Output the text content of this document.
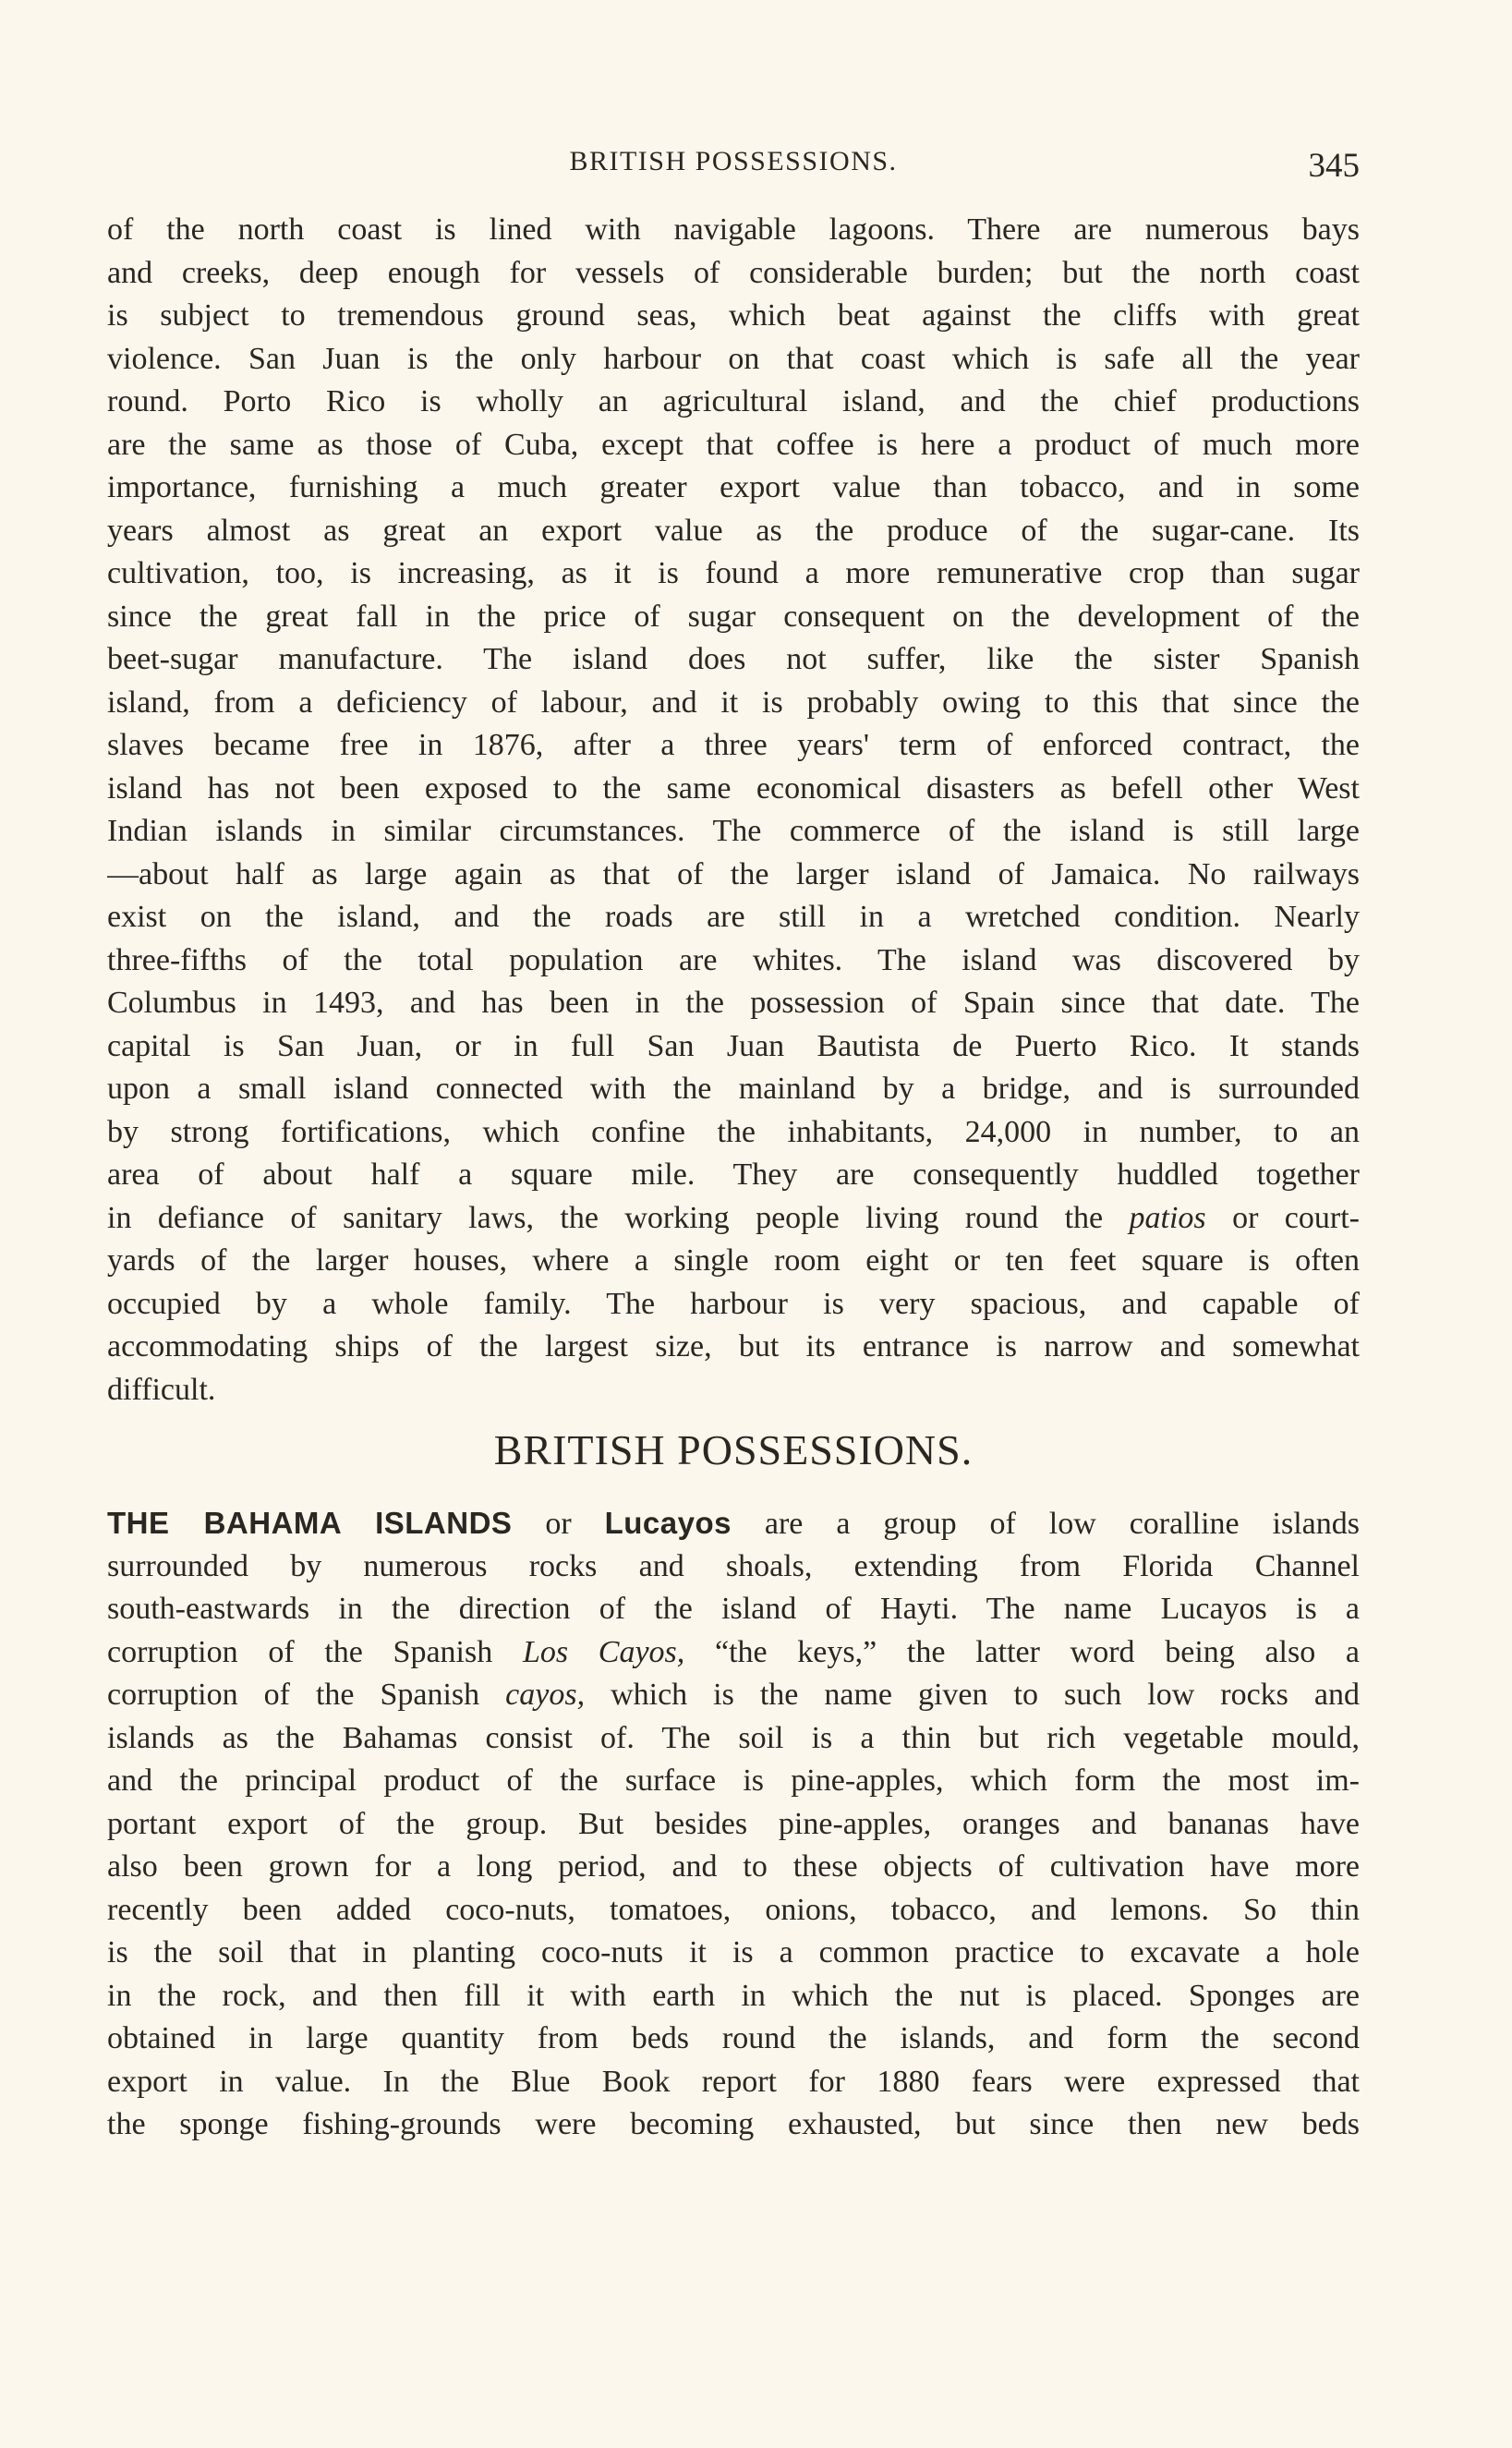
BRITISH POSSESSIONS.	345
of the north coast is lined with navigable lagoons. There are numerous bays
and creeks, deep enough for vessels of considerable burden; but the north coast
is subject to tremendous ground seas, which beat against the cliffs with great
violence. San Juan is the only harbour on that coast which is safe all the year
round. Porto Rico is wholly an agricultural island, and the chief productions
are the same as those of Cuba, except that coffee is here a product of much more
importance, furnishing a much greater export value than tobacco, and in some
years almost as great an export value as the produce of the sugar-cane. Its
cultivation, too, is increasing, as it is found a more remunerative crop than sugar
since the great fall in the price of sugar consequent on the development of the
beet-sugar manufacture. The island does not suffer, like the sister Spanish
island, from a deficiency of labour, and it is probably owing to this that since the
slaves became free in 1876, after a three years' term of enforced contract, the
island has not been exposed to the same economical disasters as befell other West
Indian islands in similar circumstances. The commerce of the island is still large
—about half as large again as that of the larger island of Jamaica. No railways
exist on the island, and the roads are still in a wretched condition. Nearly
three-fifths of the total population are whites. The island was discovered by
Columbus in 1493, and has been in the possession of Spain since that date. The
capital is San Juan, or in full San Juan Bautista de Puerto Rico. It stands
upon a small island connected with the mainland by a bridge, and is surrounded
by strong fortifications, which confine the inhabitants, 24,000 in number, to an
area of about half a square mile. They are consequently huddled together
in defiance of sanitary laws, the working people living round the patios or court-
yards of the larger houses, where a single room eight or ten feet square is often
occupied by a whole family. The harbour is very spacious, and capable of
accommodating ships of the largest size, but its entrance is narrow and somewhat
difficult.
BRITISH POSSESSIONS.
THE BAHAMA ISLANDS or Lucayos are a group of low coralline islands
surrounded by numerous rocks and shoals, extending from Florida Channel
south-eastwards in the direction of the island of Hayti. The name Lucayos is a
corruption of the Spanish Los Cayos, “the keys,” the latter word being also a
corruption of the Spanish cayos, which is the name given to such low rocks and
islands as the Bahamas consist of. The soil is a thin but rich vegetable mould,
and the principal product of the surface is pine-apples, which form the most im-
portant export of the group. But besides pine-apples, oranges and bananas have
also been grown for a long period, and to these objects of cultivation have more
recently been added coco-nuts, tomatoes, onions, tobacco, and lemons. So thin
is the soil that in planting coco-nuts it is a common practice to excavate a hole
in the rock, and then fill it with earth in which the nut is placed. Sponges are
obtained in large quantity from beds round the islands, and form the second
export in value. In the Blue Book report for 1880 fears were expressed that
the sponge fishing-grounds were becoming exhausted, but since then new beds
